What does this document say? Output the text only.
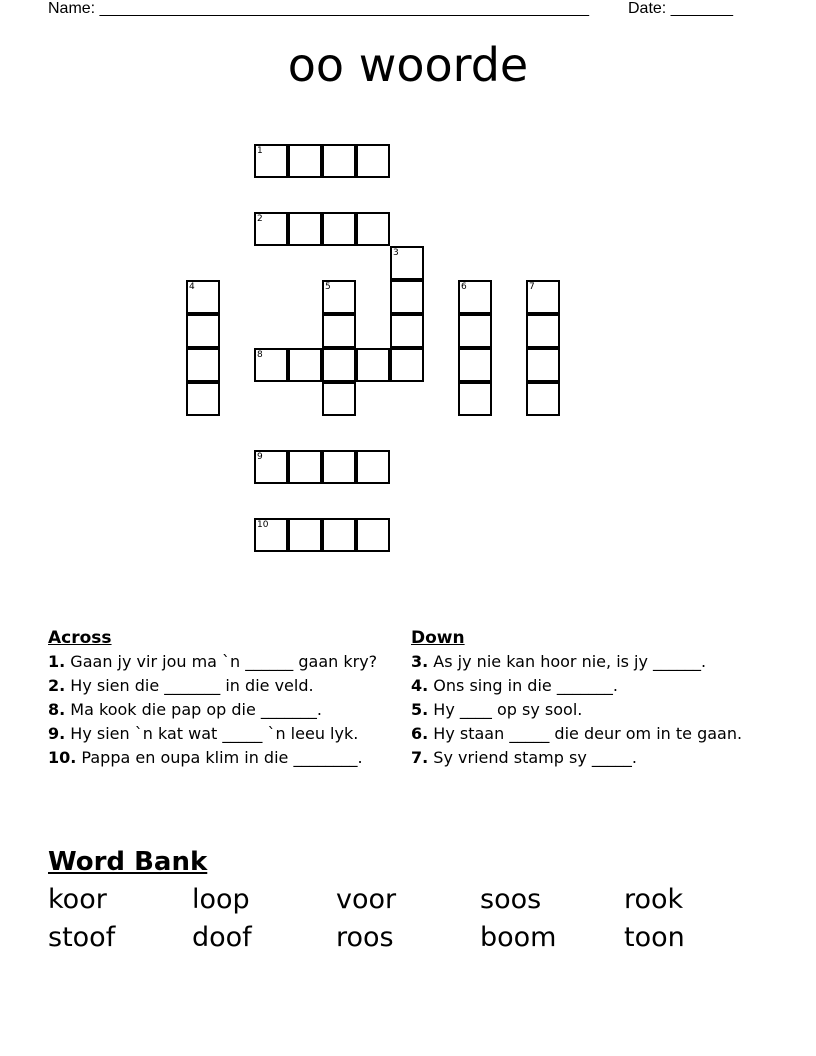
Name: _______________________________________________________ Date: _______
oo woorde
1
2
3
4	5	6	7
8
9
10
Across
1. Gaan jy vir jou ma `n ______ gaan kry?
2. Hy sien die _______ in die veld.
8. Ma kook die pap op die _______.
9. Hy sien `n kat wat _____ `n leeu lyk.
10. Pappa en oupa klim in die ________.
Down
3. As jy nie kan hoor nie, is jy ______.
4. Ons sing in die _______.
5. Hy ____ op sy sool.
6. Hy staan _____ die deur om in te gaan.
7. Sy vriend stamp sy _____.
Word Bank
koor	loop	voor	soos	rook
stoof	doof	roos	boom	toon
